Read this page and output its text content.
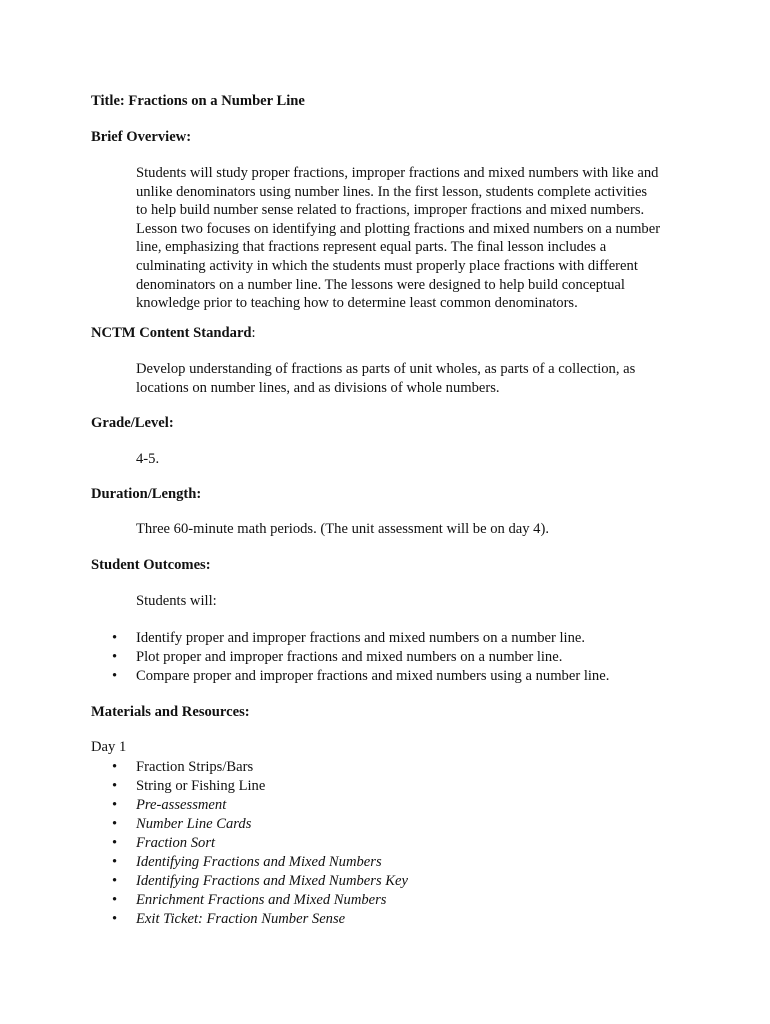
Title: Fractions on a Number Line

Brief Overview:

Students will study proper fractions, improper fractions and mixed numbers with like and
unlike denominators using number lines. In the first lesson, students complete activities
to help build number sense related to fractions, improper fractions and mixed numbers.
Lesson two focuses on identifying and plotting fractions and mixed numbers on a number
line, emphasizing that fractions represent equal parts. The final lesson includes a
culminating activity in which the students must properly place fractions with different
denominators on a number line. The lessons were designed to help build conceptual
knowledge prior to teaching how to determine least common denominators.

NCTM Content Standard:

Develop understanding of fractions as parts of unit wholes, as parts of a collection, as
locations on number lines, and as divisions of whole numbers.

Grade/Level:

4-5.

Duration/Length:

Three 60-minute math periods. (The unit assessment will be on day 4).

Student Outcomes:

Students will:

• Identify proper and improper fractions and mixed numbers on a number line.
• Plot proper and improper fractions and mixed numbers on a number line.
• Compare proper and improper fractions and mixed numbers using a number line.

Materials and Resources:

Day 1

• Fraction Strips/Bars
• String or Fishing Line
• Pre-assessment
• Number Line Cards
• Fraction Sort
• Identifying Fractions and Mixed Numbers
• Identifying Fractions and Mixed Numbers Key
• Enrichment Fractions and Mixed Numbers
• Exit Ticket: Fraction Number Sense
